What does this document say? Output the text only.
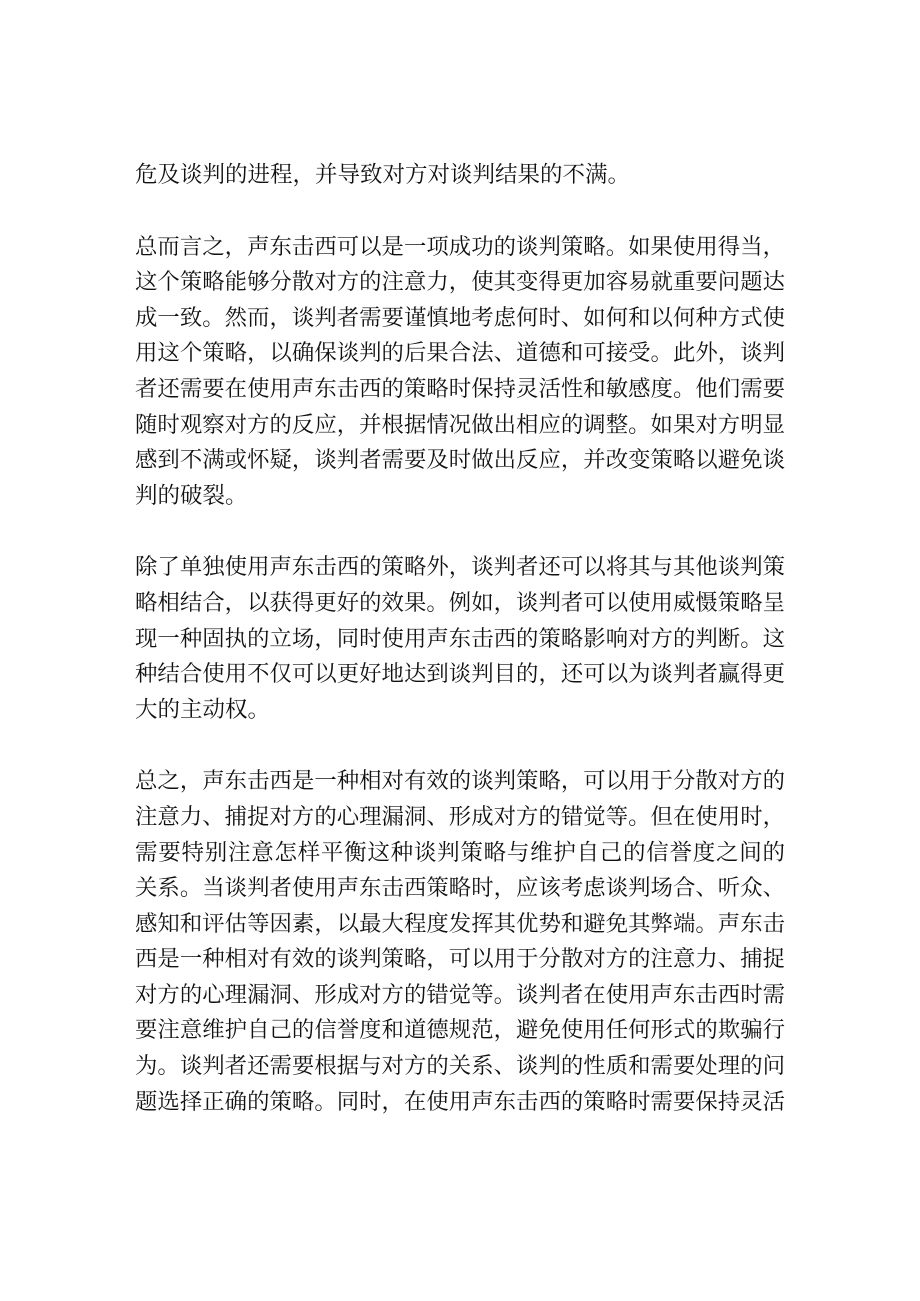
危及谈判的进程，并导致对方对谈判结果的不满。

总而言之，声东击西可以是一项成功的谈判策略。如果使用得当，
这个策略能够分散对方的注意力，使其变得更加容易就重要问题达
成一致。然而，谈判者需要谨慎地考虑何时、如何和以何种方式使
用这个策略，以确保谈判的后果合法、道德和可接受。此外，谈判
者还需要在使用声东击西的策略时保持灵活性和敏感度。他们需要
随时观察对方的反应，并根据情况做出相应的调整。如果对方明显
感到不满或怀疑，谈判者需要及时做出反应，并改变策略以避免谈
判的破裂。

除了单独使用声东击西的策略外，谈判者还可以将其与其他谈判策
略相结合，以获得更好的效果。例如，谈判者可以使用威慑策略呈
现一种固执的立场，同时使用声东击西的策略影响对方的判断。这
种结合使用不仅可以更好地达到谈判目的，还可以为谈判者赢得更
大的主动权。

总之，声东击西是一种相对有效的谈判策略，可以用于分散对方的
注意力、捕捉对方的心理漏洞、形成对方的错觉等。但在使用时，
需要特别注意怎样平衡这种谈判策略与维护自己的信誉度之间的
关系。当谈判者使用声东击西策略时，应该考虑谈判场合、听众、
感知和评估等因素，以最大程度发挥其优势和避免其弊端。声东击
西是一种相对有效的谈判策略，可以用于分散对方的注意力、捕捉
对方的心理漏洞、形成对方的错觉等。谈判者在使用声东击西时需
要注意维护自己的信誉度和道德规范，避免使用任何形式的欺骗行
为。谈判者还需要根据与对方的关系、谈判的性质和需要处理的问
题选择正确的策略。同时，在使用声东击西的策略时需要保持灵活
